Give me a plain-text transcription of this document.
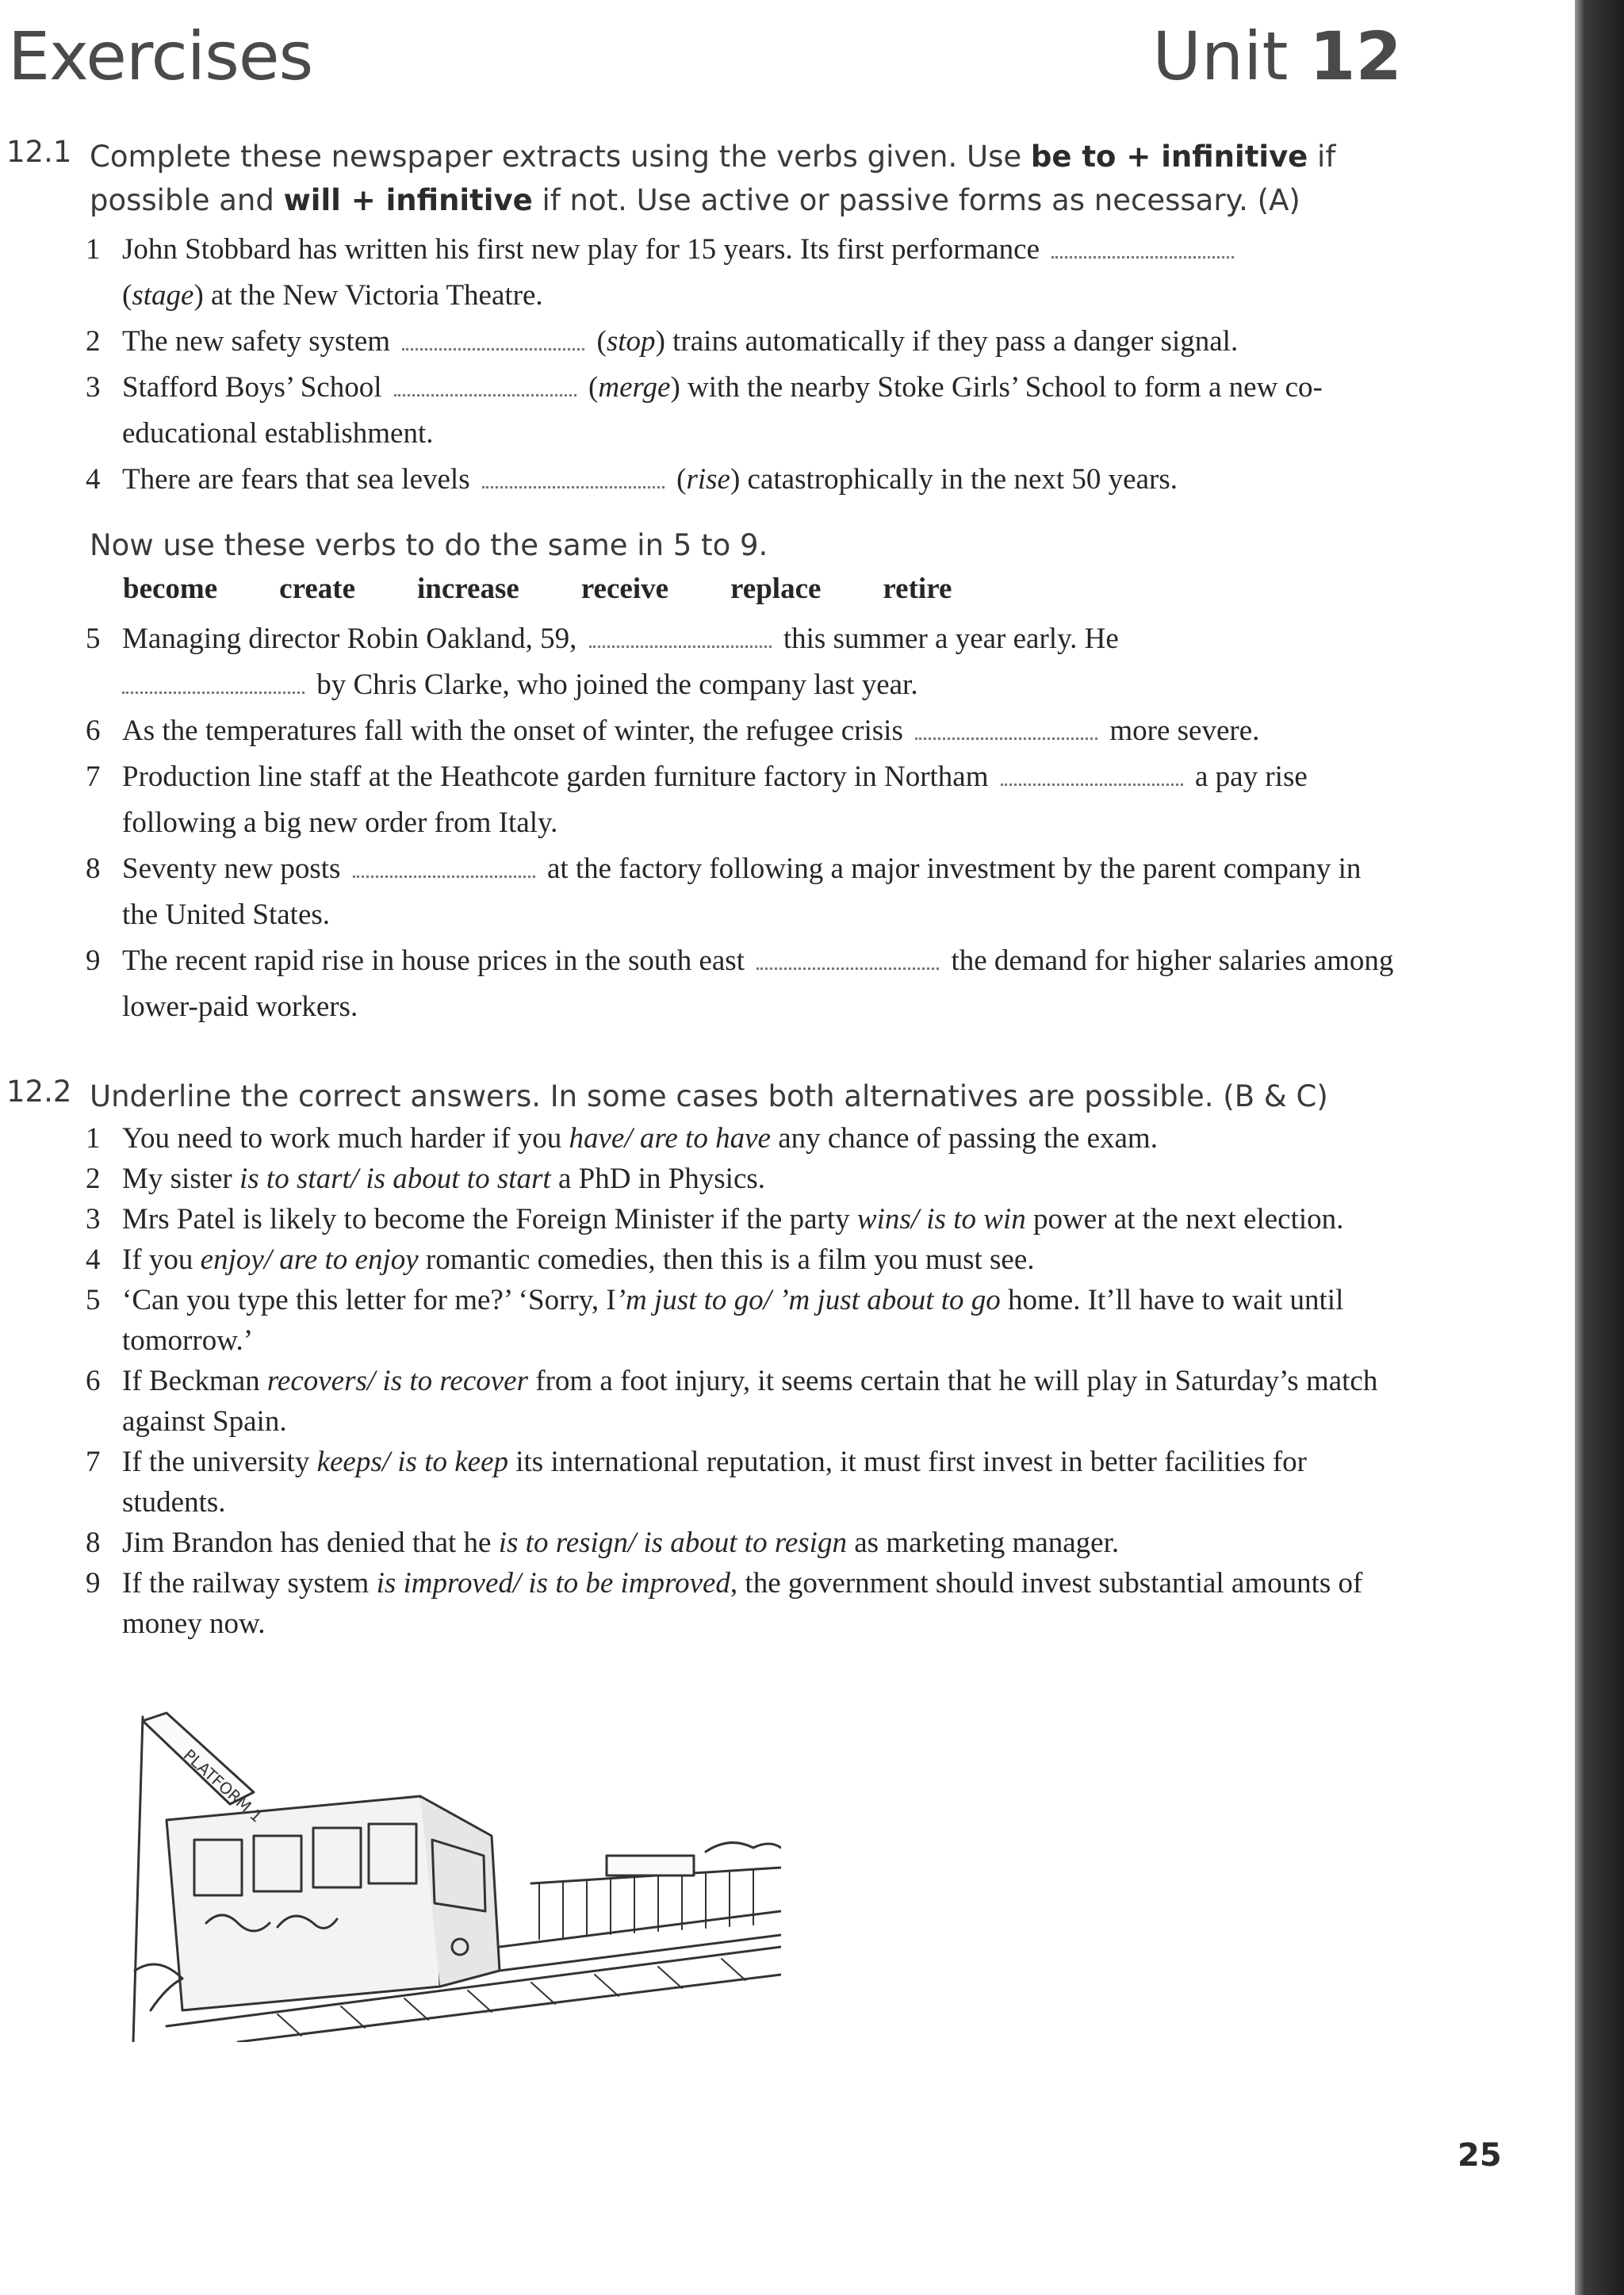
Exercises	Unit 12
12.1 Complete these newspaper extracts using the verbs given. Use be to + infinitive if possible and will + infinitive if not. Use active or passive forms as necessary. (A)
1 John Stobbard has written his first new play for 15 years. Its first performance
(stage) at the New Victoria Theatre.
2 The new safety system	(stop) trains automatically if they pass a danger signal.
3 Stafford Boys’ School	(merge) with the nearby Stoke Girls’ School to form a new co-educational establishment.
4 There are fears that sea levels	(rise) catastrophically in the next 50 years.
Now use these verbs to do the same in 5 to 9.
become create increase receive replace retire
5 Managing director Robin Oakland, 59,	this summer a year early. He
by Chris Clarke, who joined the company last year.
6 As the temperatures fall with the onset of winter, the refugee crisis	more severe.
7 Production line staff at the Heathcote garden furniture factory in Northam	a pay rise following a big new order from Italy.
8 Seventy new posts	at the factory following a major investment by the parent company in the United States.
9 The recent rapid rise in house prices in the south east	the demand for higher salaries among lower-paid workers.
12.2 Underline the correct answers. In some cases both alternatives are possible. (B & C)
1 You need to work much harder if you have/ are to have any chance of passing the exam.
2 My sister is to start/ is about to start a PhD in Physics.
3 Mrs Patel is likely to become the Foreign Minister if the party wins/ is to win power at the next election.
4 If you enjoy/ are to enjoy romantic comedies, then this is a film you must see.
5 ‘Can you type this letter for me?’ ‘Sorry, I’m just to go/ ’m just about to go home. It’ll have to wait until tomorrow.’
6 If Beckman recovers/ is to recover from a foot injury, it seems certain that he will play in Saturday’s match against Spain.
7 If the university keeps/ is to keep its international reputation, it must first invest in better facilities for students.
8 Jim Brandon has denied that he is to resign/ is about to resign as marketing manager.
9 If the railway system is improved/ is to be improved, the government should invest substantial amounts of money now.
PLATFORM 1
25
